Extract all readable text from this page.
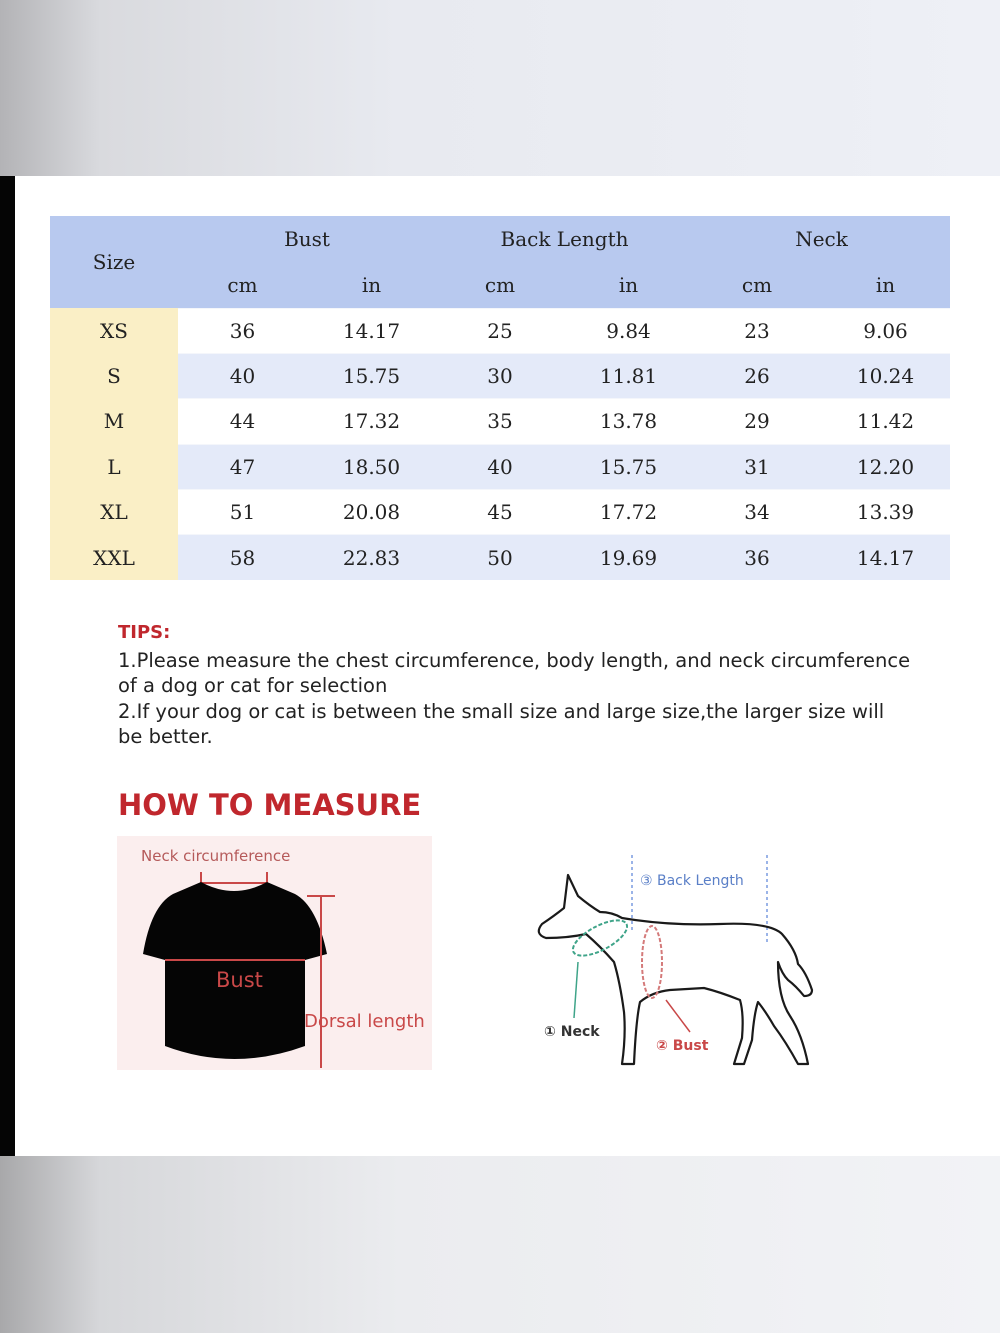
Size	Bust		Back Length		Neck	
	cm	in	cm	in	cm	in
XS	36	14.17	25	9.84	23	9.06
S	40	15.75	30	11.81	26	10.24
M	44	17.32	35	13.78	29	11.42
L	47	18.50	40	15.75	31	12.20
XL	51	20.08	45	17.72	34	13.39
XXL	58	22.83	50	19.69	36	14.17
TIPS:
1.Please measure the chest circumference, body length, and neck circumference
of a dog or cat for selection
2.If your dog or cat is between the small size and large size,the larger size will
be better.
HOW TO MEASURE
Neck circumference
Bust
Dorsal length
③ Back Length
① Neck
② Bust
